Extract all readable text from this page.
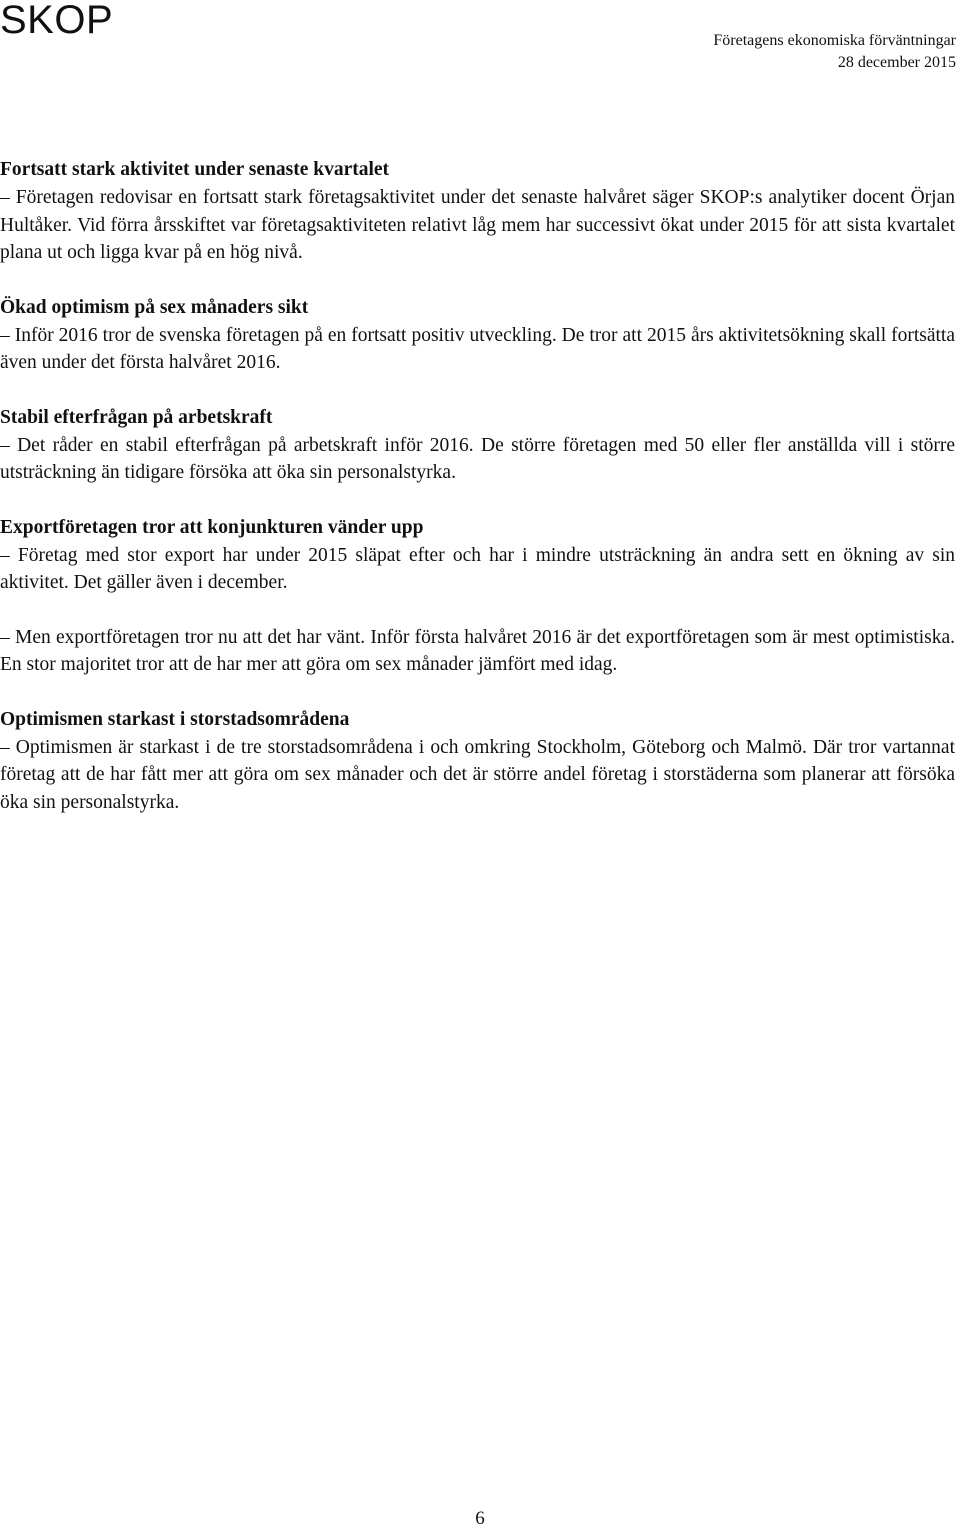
SKOP	Företagens ekonomiska förväntningar
28 december 2015

Fortsatt stark aktivitet under senaste kvartalet

– Företagen redovisar en fortsatt stark företagsaktivitet under det senaste halvåret säger SKOP:s analytiker docent Örjan Hultåker. Vid förra årsskiftet var företagsaktiviteten relativt låg mem har successivt ökat under 2015 för att sista kvartalet plana ut och ligga kvar på en hög nivå.

Ökad optimism på sex månaders sikt

– Inför 2016 tror de svenska företagen på en fortsatt positiv utveckling. De tror att 2015 års aktivitetsökning skall fortsätta även under det första halvåret 2016.

Stabil efterfrågan på arbetskraft

– Det råder en stabil efterfrågan på arbetskraft inför 2016. De större företagen med 50 eller fler anställda vill i större utsträckning än tidigare försöka att öka sin personalstyrka.

Exportföretagen tror att konjunkturen vänder upp

– Företag med stor export har under 2015 släpat efter och har i mindre utsträckning än andra sett en ökning av sin aktivitet. Det gäller även i december.

– Men exportföretagen tror nu att det har vänt. Inför första halvåret 2016 är det exportföretagen som är mest optimistiska. En stor majoritet tror att de har mer att göra om sex månader jämfört med idag.

Optimismen starkast i storstadsområdena

– Optimismen är starkast i de tre storstadsområdena i och omkring Stockholm, Göteborg och Malmö. Där tror vartannat företag att de har fått mer att göra om sex månader och det är större andel företag i storstäderna som planerar att försöka öka sin personalstyrka.

6
